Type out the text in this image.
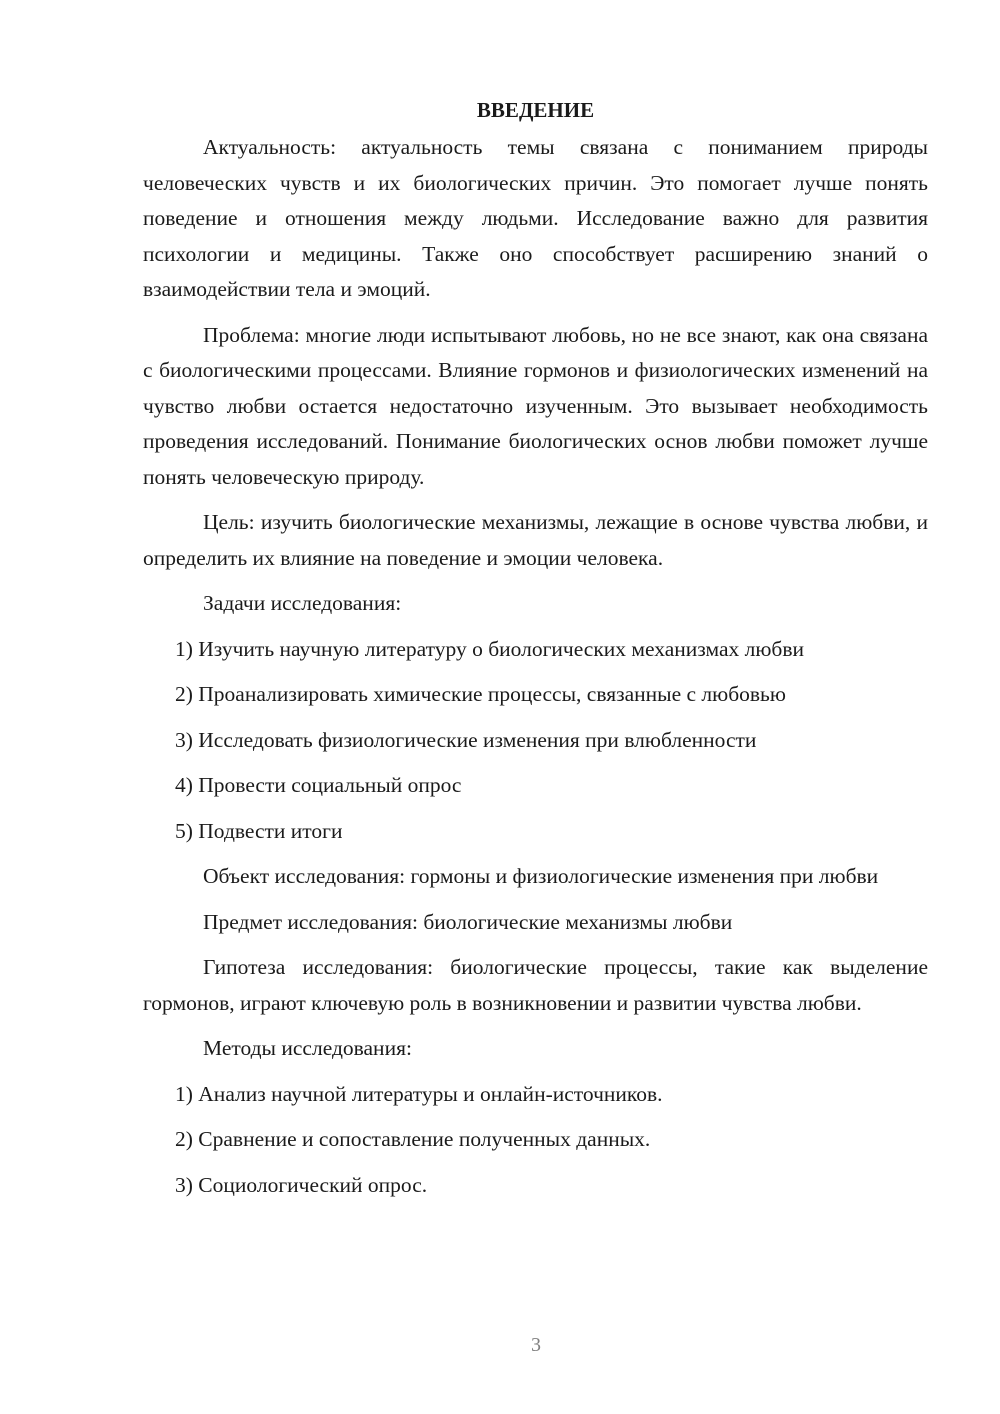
ВВЕДЕНИЕ

Актуальность: актуальность темы связана с пониманием природы человеческих чувств и их биологических причин. Это помогает лучше понять поведение и отношения между людьми. Исследование важно для развития психологии и медицины. Также оно способствует расширению знаний о взаимодействии тела и эмоций.

Проблема: многие люди испытывают любовь, но не все знают, как она связана с биологическими процессами. Влияние гормонов и физиологических изменений на чувство любви остается недостаточно изученным. Это вызывает необходимость проведения исследований. Понимание биологических основ любви поможет лучше понять человеческую природу.

Цель: изучить биологические механизмы, лежащие в основе чувства любви, и определить их влияние на поведение и эмоции человека.

Задачи исследования:

1) Изучить научную литературу о биологических механизмах любви

2) Проанализировать химические процессы, связанные с любовью

3) Исследовать физиологические изменения при влюбленности

4) Провести социальный опрос

5) Подвести итоги

Объект исследования: гормоны и физиологические изменения при любви

Предмет исследования: биологические механизмы любви

Гипотеза исследования: биологические процессы, такие как выделение гормонов, играют ключевую роль в возникновении и развитии чувства любви.

Методы исследования:

1) Анализ научной литературы и онлайн-источников.

2) Сравнение и сопоставление полученных данных.

3) Социологический опрос.

3
